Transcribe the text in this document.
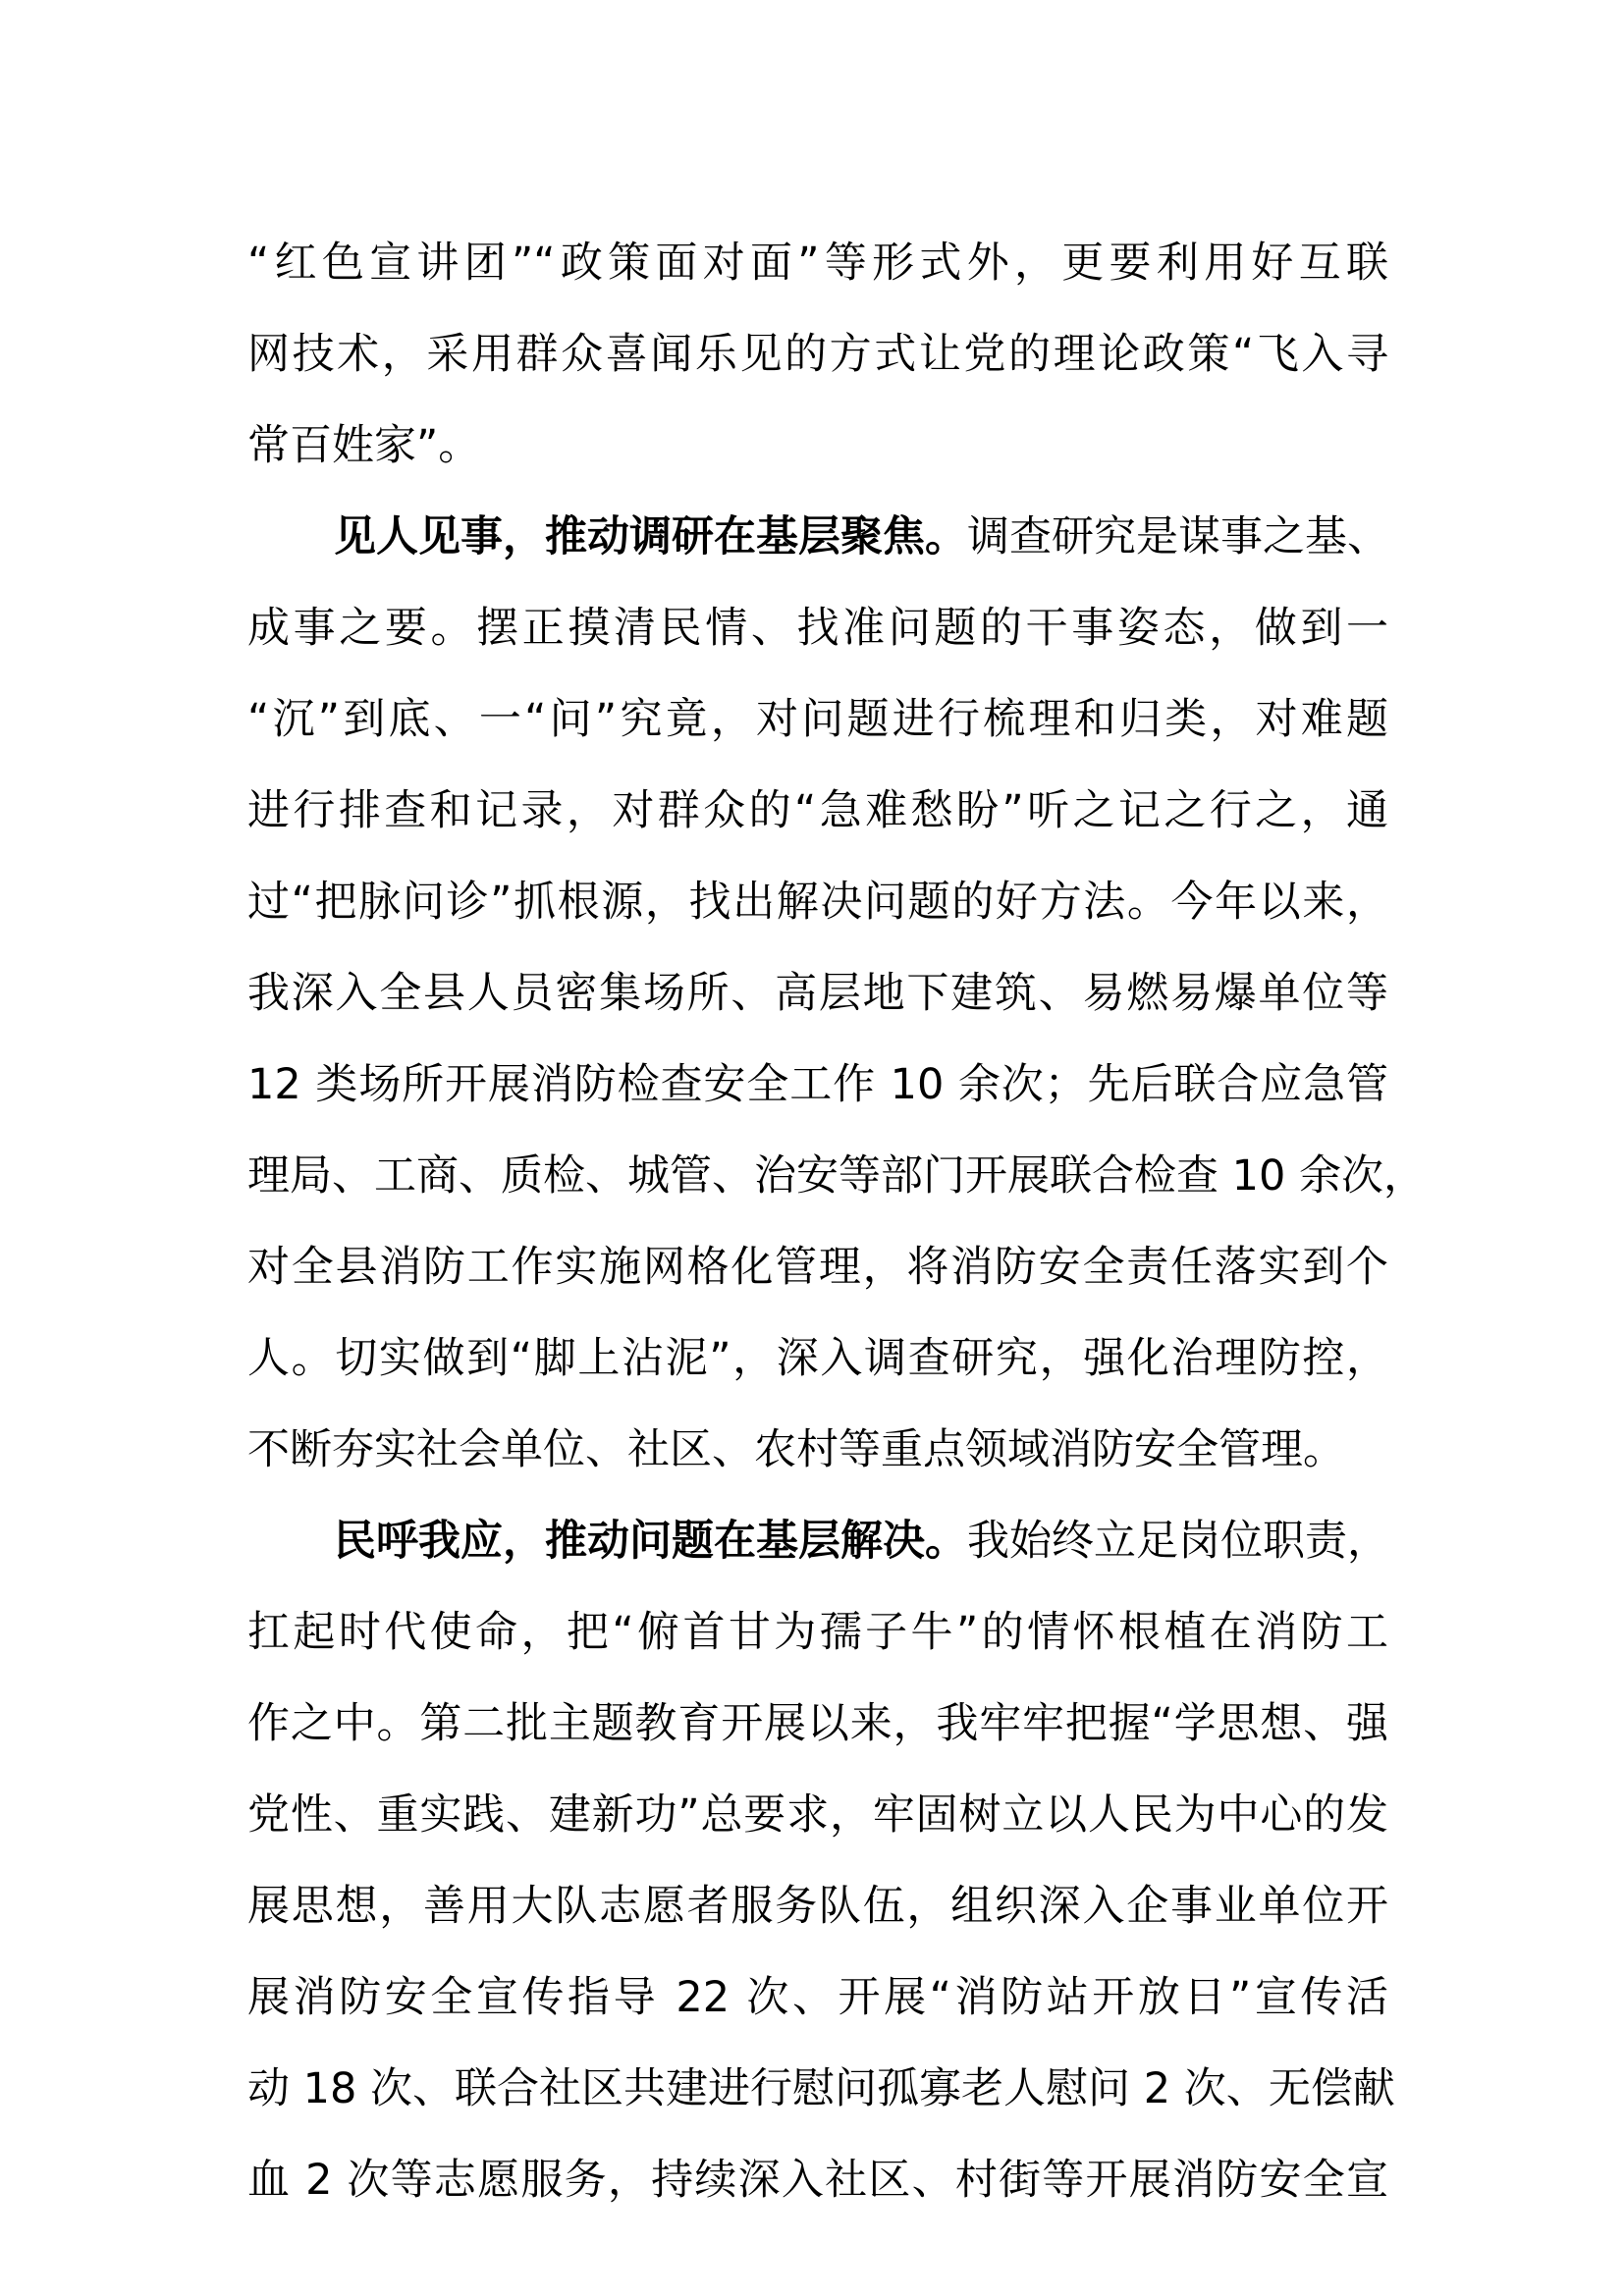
“红色宣讲团”“政策面对面”等形式外，更要利用好互联
网技术，采用群众喜闻乐见的方式让党的理论政策“飞入寻
常百姓家”。
见人见事，推动调研在基层聚焦。调查研究是谋事之基、
成事之要。摆正摸清民情、找准问题的干事姿态，做到一
“沉”到底、一“问”究竟，对问题进行梳理和归类，对难题
进行排查和记录，对群众的“急难愁盼”听之记之行之，通
过“把脉问诊”抓根源，找出解决问题的好方法。今年以来，
我深入全县人员密集场所、高层地下建筑、易燃易爆单位等
12 类场所开展消防检查安全工作 10 余次；先后联合应急管
理局、工商、质检、城管、治安等部门开展联合检查 10 余次，
对全县消防工作实施网格化管理，将消防安全责任落实到个
人。切实做到“脚上沾泥”，深入调查研究，强化治理防控，
不断夯实社会单位、社区、农村等重点领域消防安全管理。
民呼我应，推动问题在基层解决。我始终立足岗位职责，
扛起时代使命，把“俯首甘为孺子牛”的情怀根植在消防工
作之中。第二批主题教育开展以来，我牢牢把握“学思想、强
党性、重实践、建新功”总要求，牢固树立以人民为中心的发
展思想，善用大队志愿者服务队伍，组织深入企事业单位开
展消防安全宣传指导 22 次、开展“消防站开放日”宣传活
动 18 次、联合社区共建进行慰问孤寡老人慰问 2 次、无偿献
血 2 次等志愿服务，持续深入社区、村街等开展消防安全宣
